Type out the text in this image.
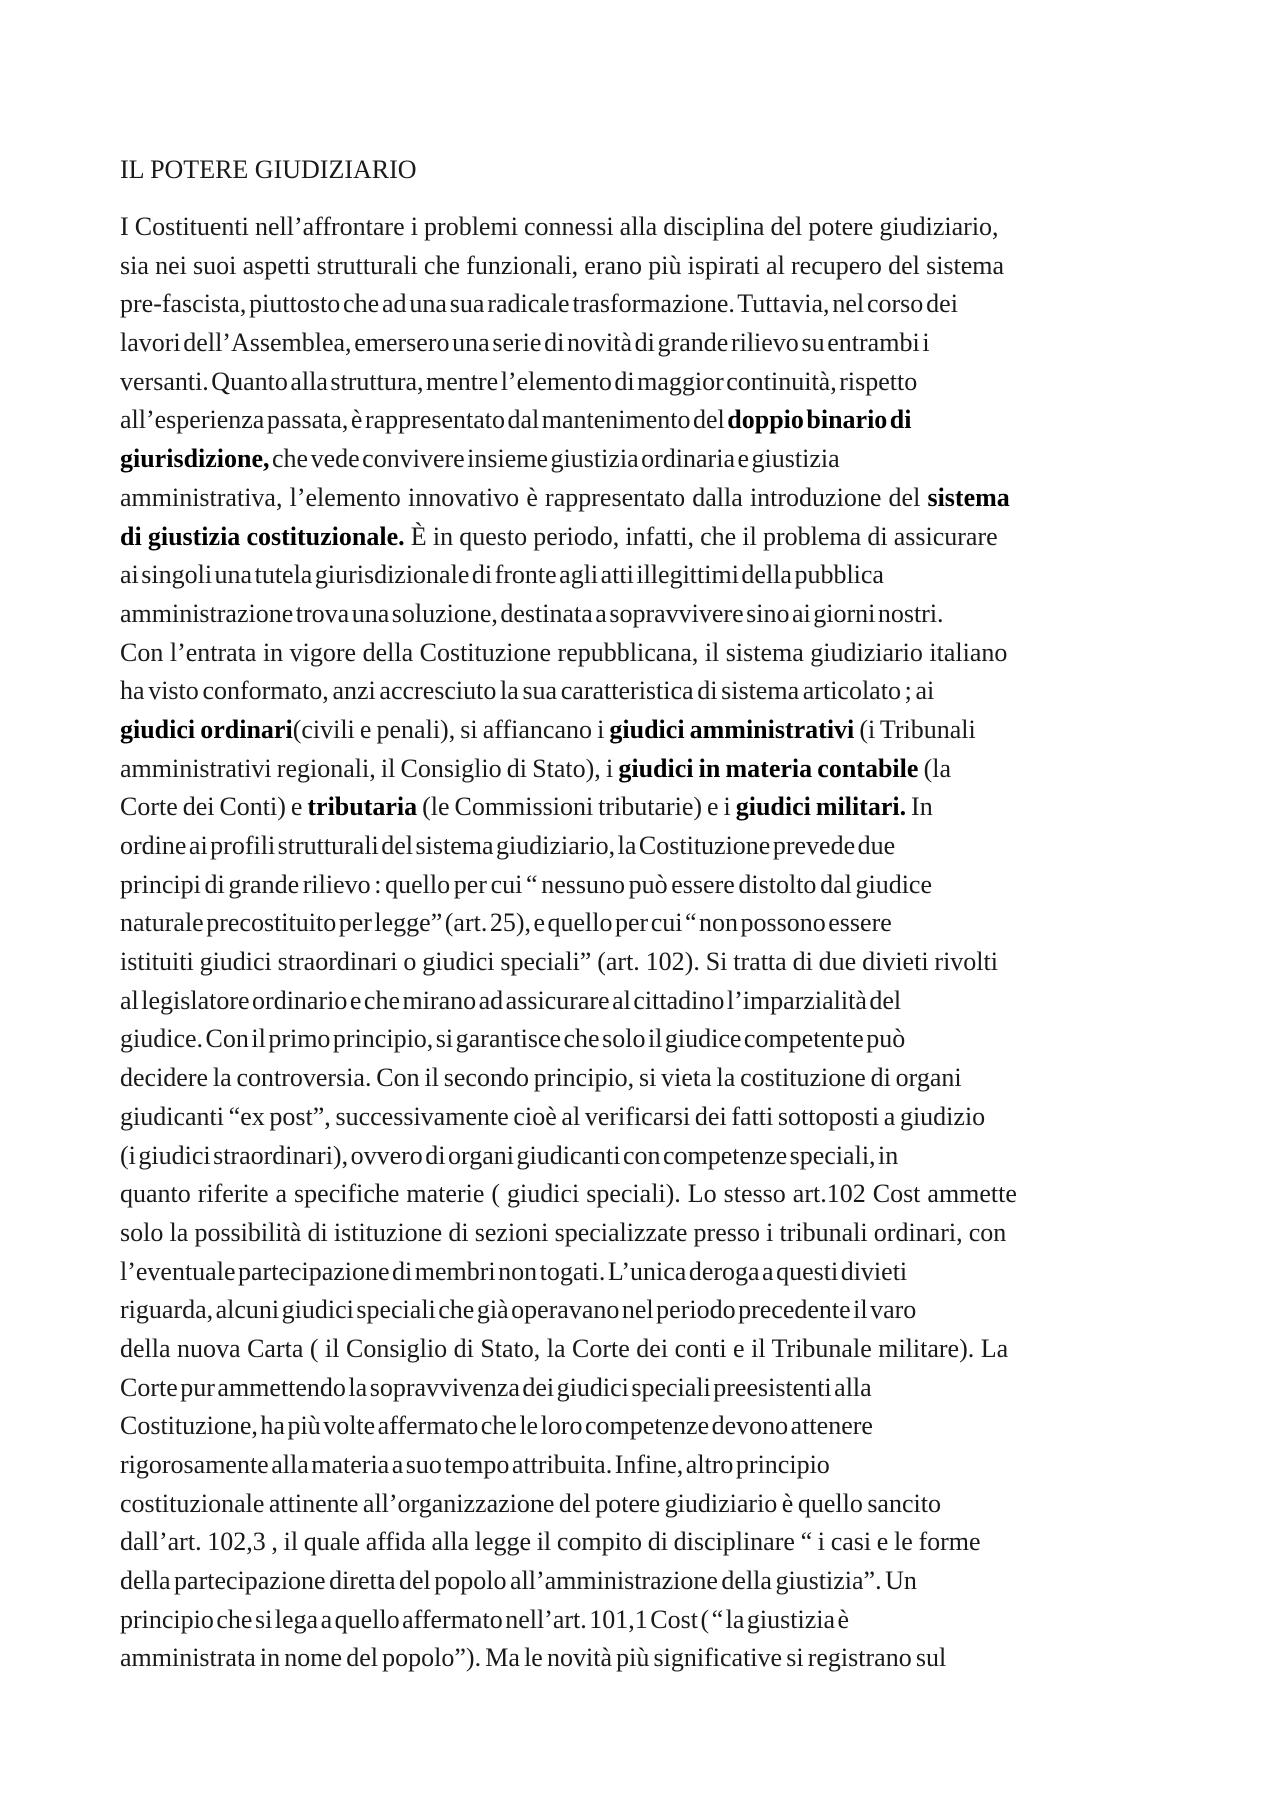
IL POTERE GIUDIZIARIO
I Costituenti nell’affrontare i problemi connessi alla disciplina del potere giudiziario,
sia nei suoi aspetti strutturali che funzionali, erano più ispirati al recupero del sistema
pre-fascista, piuttosto che ad una sua radicale trasformazione. Tuttavia, nel corso dei
lavori dell’Assemblea, emersero una serie di novità di grande rilievo su entrambi i
versanti. Quanto alla struttura, mentre l’elemento di maggior continuità, rispetto
all’esperienza passata, è rappresentato dal mantenimento del doppio binario di
giurisdizione, che vede convivere insieme giustizia ordinaria e giustizia
amministrativa, l’elemento innovativo è rappresentato dalla introduzione del sistema
di giustizia costituzionale. È in questo periodo, infatti, che il problema di assicurare
ai singoli una tutela giurisdizionale di fronte agli atti illegittimi della pubblica
amministrazione trova una soluzione, destinata a sopravvivere sino ai giorni nostri.
Con l’entrata in vigore della Costituzione repubblicana, il sistema giudiziario italiano
ha visto conformato, anzi accresciuto la sua caratteristica di sistema articolato ; ai
giudici ordinari(civili e penali), si affiancano i giudici amministrativi (i Tribunali
amministrativi regionali, il Consiglio di Stato), i giudici in materia contabile (la
Corte dei Conti) e tributaria (le Commissioni tributarie) e i giudici militari. In
ordine ai profili strutturali del sistema giudiziario, la Costituzione prevede due
principi di grande rilievo : quello per cui “ nessuno può essere distolto dal giudice
naturale precostituito per legge” (art. 25), e quello per cui “ non possono essere
istituiti giudici straordinari o giudici speciali” (art. 102). Si tratta di due divieti rivolti
al legislatore ordinario e che mirano ad assicurare al cittadino l’imparzialità del
giudice. Con il primo principio, si garantisce che solo il giudice competente può
decidere la controversia. Con il secondo principio, si vieta la costituzione di organi
giudicanti “ex post”, successivamente cioè al verificarsi dei fatti sottoposti a giudizio
(i giudici straordinari), ovvero di organi giudicanti con competenze speciali, in
quanto riferite a specifiche materie ( giudici speciali). Lo stesso art.102 Cost ammette
solo la possibilità di istituzione di sezioni specializzate presso i tribunali ordinari, con
l’eventuale partecipazione di membri non togati. L’unica deroga a questi divieti
riguarda, alcuni giudici speciali che già operavano nel periodo precedente il varo
della nuova Carta ( il Consiglio di Stato, la Corte dei conti e il Tribunale militare). La
Corte pur ammettendo la sopravvivenza dei giudici speciali preesistenti alla
Costituzione, ha più volte affermato che le loro competenze devono attenere
rigorosamente alla materia a suo tempo attribuita. Infine, altro principio
costituzionale attinente all’organizzazione del potere giudiziario è quello sancito
dall’art. 102,3 , il quale affida alla legge il compito di disciplinare “ i casi e le forme
della partecipazione diretta del popolo all’amministrazione della giustizia”. Un
principio che si lega a quello affermato nell’art. 101,1 Cost ( “ la giustizia è
amministrata in nome del popolo”). Ma le novità più significative si registrano sul
